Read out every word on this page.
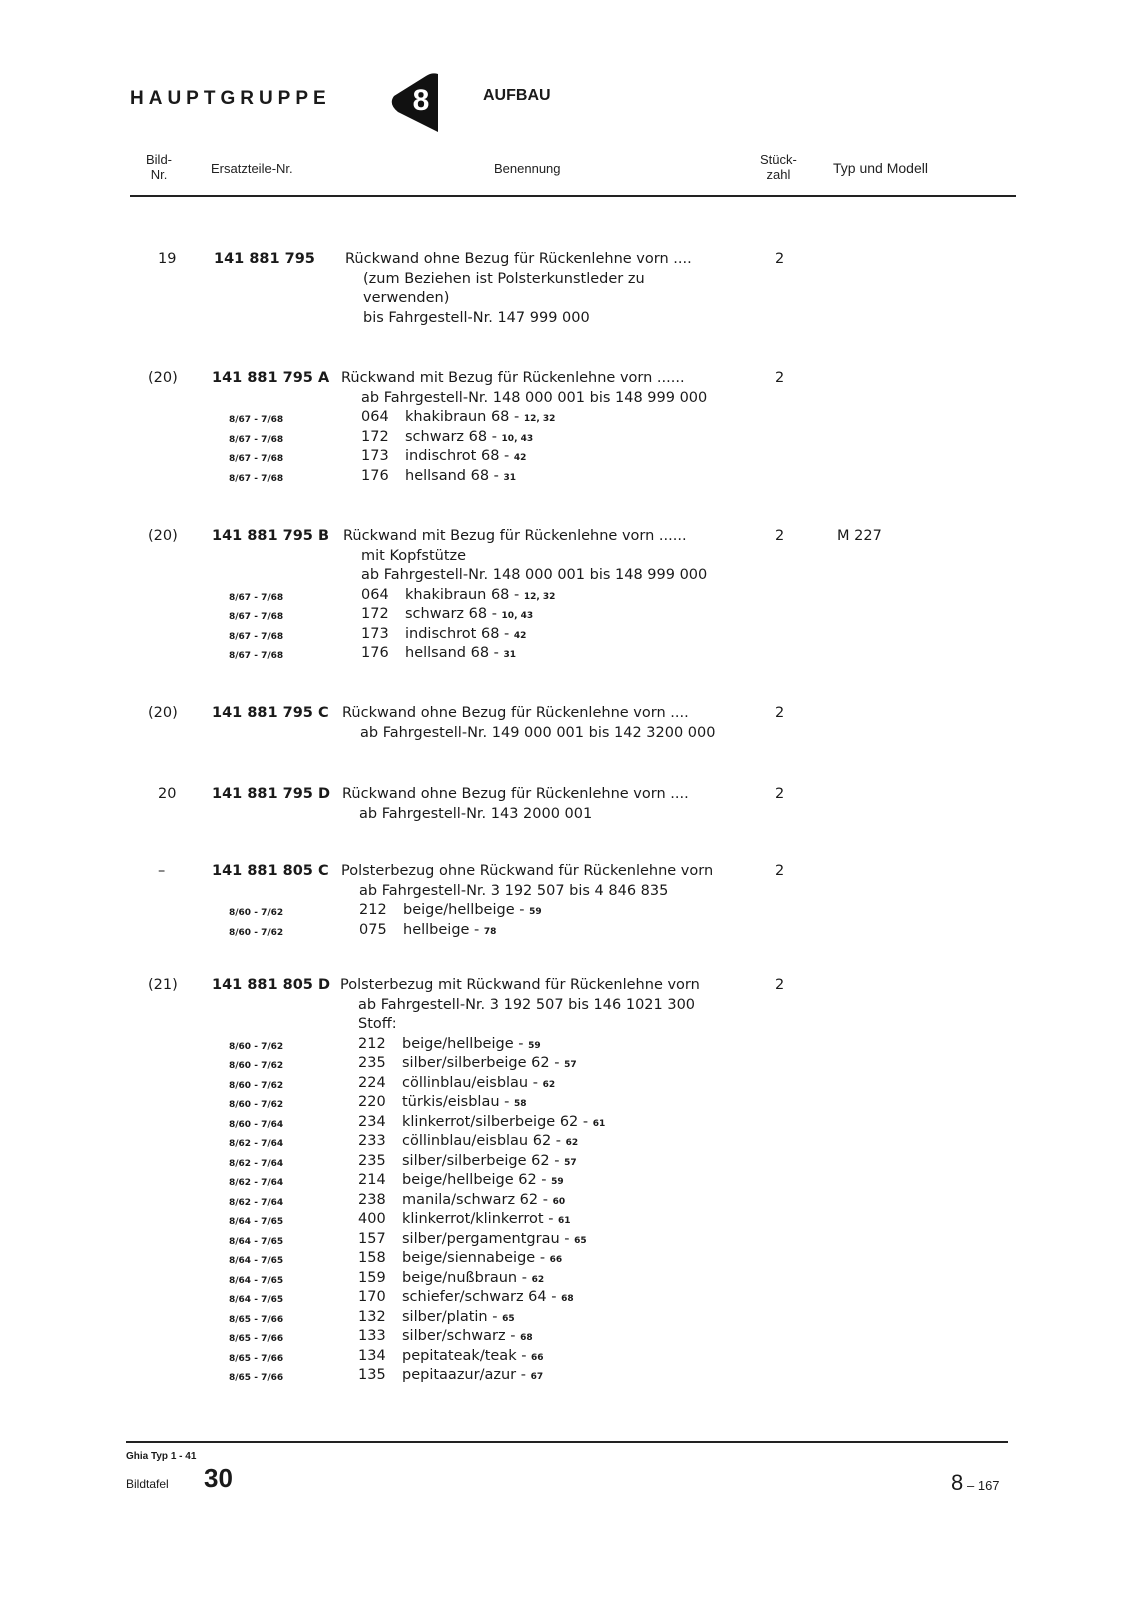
HAUPTGRUPPE	8	AUFBAU
Bild-
Nr.	Ersatzteile-Nr.	Benennung
Stück-
zahl	Typ und Modell
19	141 881 795 Rückwand ohne Bezug für Rückenlehne vorn ....	2
(zum Beziehen ist Polsterkunstleder zu
verwenden)
bis Fahrgestell-Nr. 147 999 000
(20) 141 881 795 A Rückwand mit Bezug für Rückenlehne vorn ......	2
ab Fahrgestell-Nr. 148 000 001 bis 148 999 000
8/67 - 7/68	064 khakibraun 68 - 12, 32
8/67 - 7/68	172 schwarz 68 - 10, 43
8/67 - 7/68	173 indischrot 68 - 42
8/67 - 7/68	176 hellsand 68 - 31
(20) 141 881 795 B Rückwand mit Bezug für Rückenlehne vorn ......	2	M 227
mit Kopfstütze
ab Fahrgestell-Nr. 148 000 001 bis 148 999 000
8/67 - 7/68	064 khakibraun 68 - 12, 32
8/67 - 7/68	172 schwarz 68 - 10, 43
8/67 - 7/68	173 indischrot 68 - 42
8/67 - 7/68	176 hellsand 68 - 31
(20) 141 881 795 C Rückwand ohne Bezug für Rückenlehne vorn ....	2
ab Fahrgestell-Nr. 149 000 001 bis 142 3200 000
20 141 881 795 D Rückwand ohne Bezug für Rückenlehne vorn ....	2
ab Fahrgestell-Nr. 143 2000 001
–	141 881 805 C Polsterbezug ohne Rückwand für Rückenlehne vorn	2
ab Fahrgestell-Nr. 3 192 507 bis 4 846 835
8/60 - 7/62	212 beige/hellbeige - 59
8/60 - 7/62	075 hellbeige - 78
(21) 141 881 805 D Polsterbezug mit Rückwand für Rückenlehne vorn	2
ab Fahrgestell-Nr. 3 192 507 bis 146 1021 300
Stoff:
8/60 - 7/62	212 beige/hellbeige - 59
8/60 - 7/62	235 silber/silberbeige 62 - 57
8/60 - 7/62	224 cöllinblau/eisblau - 62
8/60 - 7/62	220 türkis/eisblau - 58
8/60 - 7/64	234 klinkerrot/silberbeige 62 - 61
8/62 - 7/64	233 cöllinblau/eisblau 62 - 62
8/62 - 7/64	235 silber/silberbeige 62 - 57
8/62 - 7/64	214 beige/hellbeige 62 - 59
8/62 - 7/64	238 manila/schwarz 62 - 60
8/64 - 7/65	400 klinkerrot/klinkerrot - 61
8/64 - 7/65	157 silber/pergamentgrau - 65
8/64 - 7/65	158 beige/siennabeige - 66
8/64 - 7/65	159 beige/nußbraun - 62
8/64 - 7/65	170 schiefer/schwarz 64 - 68
8/65 - 7/66	132 silber/platin - 65
8/65 - 7/66	133 silber/schwarz - 68
8/65 - 7/66	134 pepitateak/teak - 66
8/65 - 7/66	135 pepitaazur/azur - 67
Ghia Typ 1 - 41
Bildtafel 30	8 – 167
